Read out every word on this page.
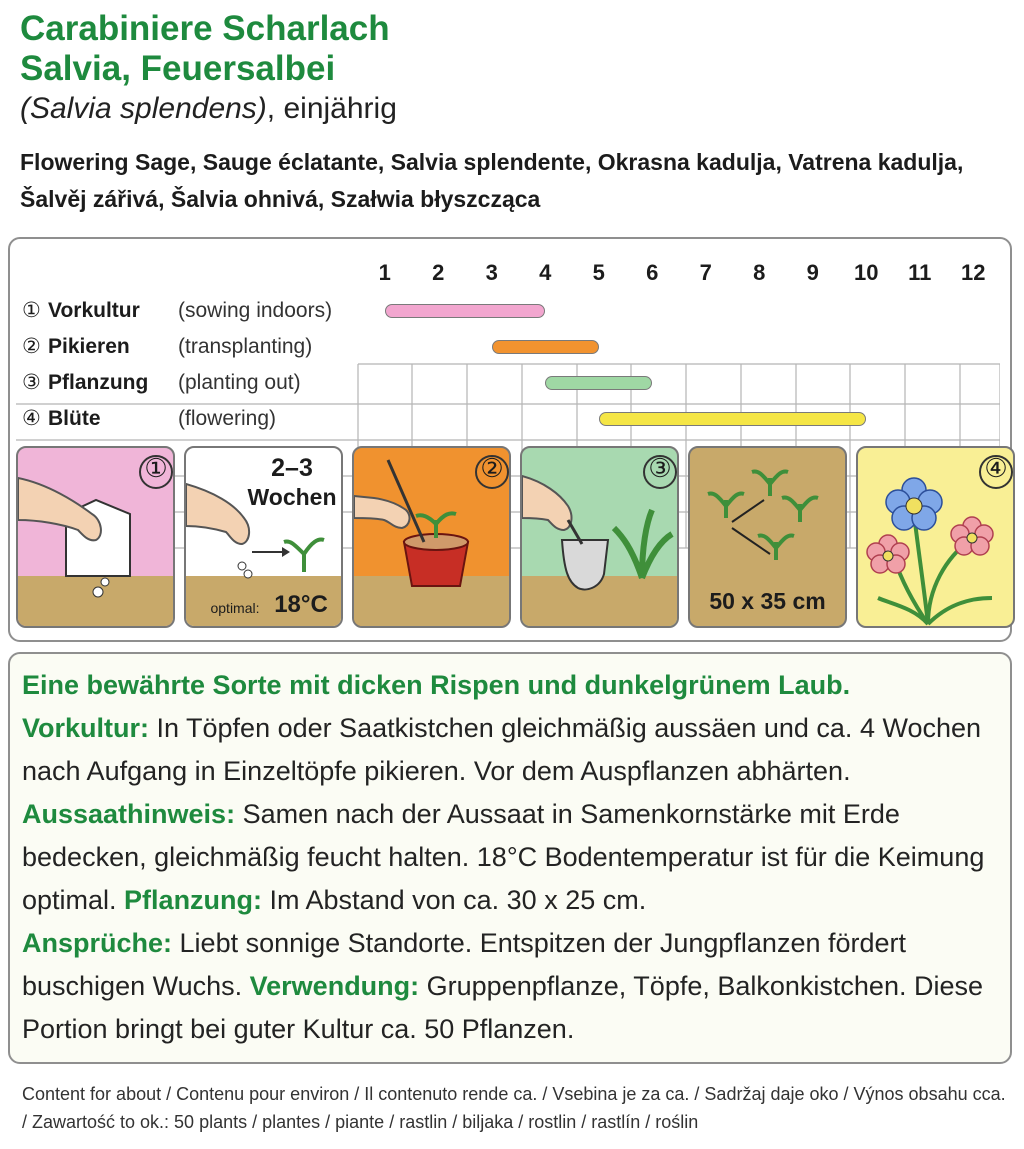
Carabiniere Scharlach
Salvia, Feuersalbei
(Salvia splendens), einjährig
Flowering Sage, Sauge éclatante, Salvia splendente, Okrasna kadulja, Vatrena kadulja, Šalvěj zářivá, Šalvia ohnivá, Szałwia błyszcząca
1	2	3	4	5	6	7	8	9	10	11	12
① Vorkultur (sowing indoors)
② Pikieren (transplanting)
③ Pflanzung (planting out)
④ Blüte	(flowering)
①	2–3
Wochen
optimal: 18°C
②	③
50 x 35 cm
④
Eine bewährte Sorte mit dicken Rispen und dunkelgrünem Laub.
Vorkultur: In Töpfen oder Saatkistchen gleichmäßig aussäen und ca. 4 Wochen nach Aufgang in Einzeltöpfe pikieren. Vor dem Auspflanzen abhärten.
Aussaathinweis: Samen nach der Aussaat in Samenkornstärke mit Erde bedecken, gleichmäßig feucht halten. 18°C Bodentemperatur ist für die Keimung optimal. Pflanzung: Im Abstand von ca. 30 x 25 cm.
Ansprüche: Liebt sonnige Standorte. Entspitzen der Jungpflanzen fördert buschigen Wuchs. Verwendung: Gruppenpflanze, Töpfe, Balkonkistchen. Diese Portion bringt bei guter Kultur ca. 50 Pflanzen.
Content for about / Contenu pour environ / Il contenuto rende ca. / Vsebina je za ca. / Sadržaj daje oko / Výnos obsahu cca. / Zawartość to ok.: 50 plants / plantes / piante / rastlin / biljaka / rostlin / rastlín / roślin
